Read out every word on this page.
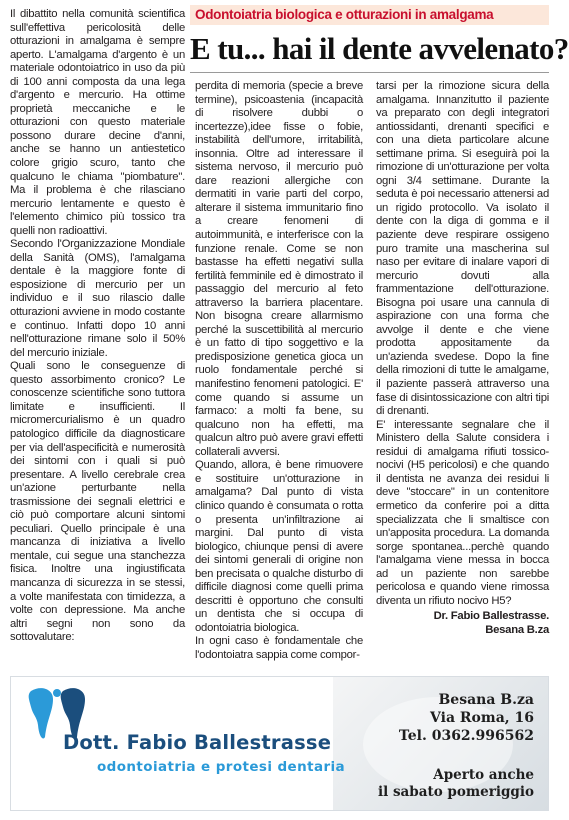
Il dibattito nella comunità scientifica sull'effettiva pericolosità delle otturazioni in amalgama è sempre aperto. L'amalgama d'argento è un materiale odontoiatrico in uso da più di 100 anni composta da una lega d'argento e mercurio. Ha ottime proprietà meccaniche e le otturazioni con questo materiale possono durare decine d'anni, anche se hanno un antiestetico colore grigio scuro, tanto che qualcuno le chiama "piombature". Ma il problema è che rilasciano mercurio lentamente e questo è l'elemento chimico più tossico tra quelli non radioattivi.

Secondo l'Organizzazione Mondiale della Sanità (OMS), l'amalgama dentale è la maggiore fonte di esposizione di mercurio per un individuo e il suo rilascio dalle otturazioni avviene in modo costante e continuo. Infatti dopo 10 anni nell'otturazione rimane solo il 50% del mercurio iniziale.

Quali sono le conseguenze di questo assorbimento cronico? Le conoscenze scientifiche sono tuttora limitate e insufficienti. Il micromercurialismo è un quadro patologico difficile da diagnosticare per via dell'aspecificità e numerosità dei sintomi con i quali si può presentare. A livello cerebrale crea un'azione perturbante nella trasmissione dei segnali elettrici e ciò può comportare alcuni sintomi peculiari. Quello principale è una mancanza di iniziativa a livello mentale, cui segue una stanchezza fisica. Inoltre una ingiustificata mancanza di sicurezza in se stessi, a volte manifestata con timidezza, a volte con depressione. Ma anche altri segni non sono da sottovalutare:

Odontoiatria biologica e otturazioni in amalgama
E tu... hai il dente avvelenato?

perdita di memoria (specie a breve termine), psicoastenia (incapacità di risolvere dubbi o incertezze),idee fisse o fobie, instabilità dell'umore, irritabilità, insonnia. Oltre ad interessare il sistema nervoso, il mercurio può dare reazioni allergiche con dermatiti in varie parti del corpo, alterare il sistema immunitario fino a creare fenomeni di autoimmunità, e interferisce con la funzione renale. Come se non bastasse ha effetti negativi sulla fertilità femminile ed è dimostrato il passaggio del mercurio al feto attraverso la barriera placentare. Non bisogna creare allarmismo perché la suscettibilità al mercurio è un fatto di tipo soggettivo e la predisposizione genetica gioca un ruolo fondamentale perché si manifestino fenomeni patologici. E' come quando si assume un farmaco: a molti fa bene, su qualcuno non ha effetti, ma qualcun altro può avere gravi effetti collaterali avversi.

Quando, allora, è bene rimuovere e sostituire un'otturazione in amalgama? Dal punto di vista clinico quando è consumata o rotta o presenta un'infiltrazione ai margini. Dal punto di vista biologico, chiunque pensi di avere dei sintomi generali di origine non ben precisata o qualche disturbo di difficile diagnosi come quelli prima descritti è opportuno che consulti un dentista che si occupa di odontoiatria biologica.

In ogni caso è fondamentale che l'odontoiatra sappia come compor-

tarsi per la rimozione sicura della amalgama. Innanzitutto il paziente va preparato con degli integratori antiossidanti, drenanti specifici e con una dieta particolare alcune settimane prima. Si eseguirà poi la rimozione di un'otturazione per volta ogni 3/4 settimane. Durante la seduta è poi necessario attenersi ad un rigido protocollo. Va isolato il dente con la diga di gomma e il paziente deve respirare ossigeno puro tramite una mascherina sul naso per evitare di inalare vapori di mercurio dovuti alla frammentazione dell'otturazione. Bisogna poi usare una cannula di aspirazione con una forma che avvolge il dente e che viene prodotta appositamente da un'azienda svedese. Dopo la fine della rimozioni di tutte le amalgame, il paziente passerà attraverso una fase di disintossicazione con altri tipi di drenanti.

E' interessante segnalare che il Ministero della Salute considera i residui di amalgama rifiuti tossico-nocivi (H5 pericolosi) e che quando il dentista ne avanza dei residui li deve "stoccare" in un contenitore ermetico da conferire poi a ditta specializzata che li smaltisce con un'apposita procedura. La domanda sorge spontanea...perchè quando l'amalgama viene messa in bocca ad un paziente non sarebbe pericolosa e quando viene rimossa diventa un rifiuto nocivo H5?

Dr. Fabio Ballestrasse.
Besana B.za
Dott. Fabio Ballestrasse
odontoiatria e protesi dentaria
Besana B.za
Via Roma, 16
Tel. 0362.996562
Aperto anche
il sabato pomeriggio
